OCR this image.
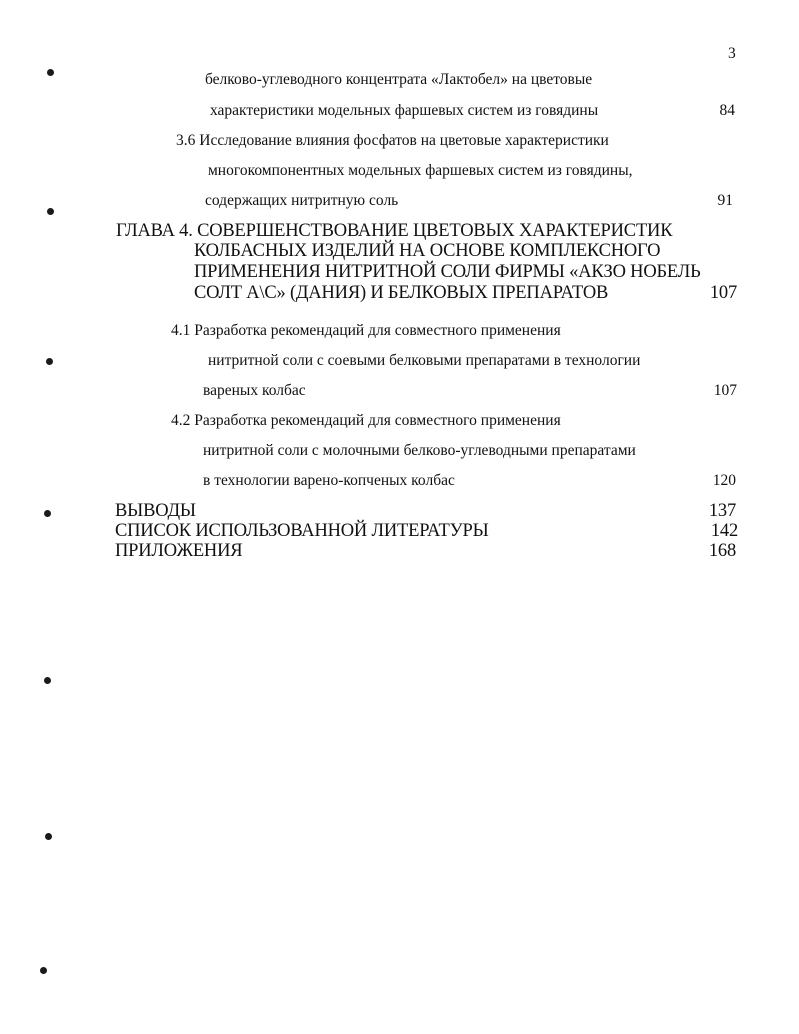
3
белково-углеводного концентрата «Лактобел» на цветовые
характеристики модельных фаршевых систем из говядины	84
3.6 Исследование влияния фосфатов на цветовые характеристики
многокомпонентных модельных фаршевых систем из говядины,
содержащих нитритную соль	91
ГЛАВА 4. СОВЕРШЕНСТВОВАНИЕ ЦВЕТОВЫХ ХАРАКТЕРИСТИК
КОЛБАСНЫХ ИЗДЕЛИЙ НА ОСНОВЕ КОМПЛЕКСНОГО
ПРИМЕНЕНИЯ НИТРИТНОЙ СОЛИ ФИРМЫ «АКЗО НОБЕЛЬ
СОЛТ А\С» (ДАНИЯ) И БЕЛКОВЫХ ПРЕПАРАТОВ	107
4.1 Разработка рекомендаций для совместного применения
нитритной соли с соевыми белковыми препаратами в технологии
вареных колбас	107
4.2 Разработка рекомендаций для совместного применения
нитритной соли с молочными белково-углеводными препаратами
в технологии варено-копченых колбас	120
ВЫВОДЫ	137
СПИСОК ИСПОЛЬЗОВАННОЙ ЛИТЕРАТУРЫ	142
ПРИЛОЖЕНИЯ	168
